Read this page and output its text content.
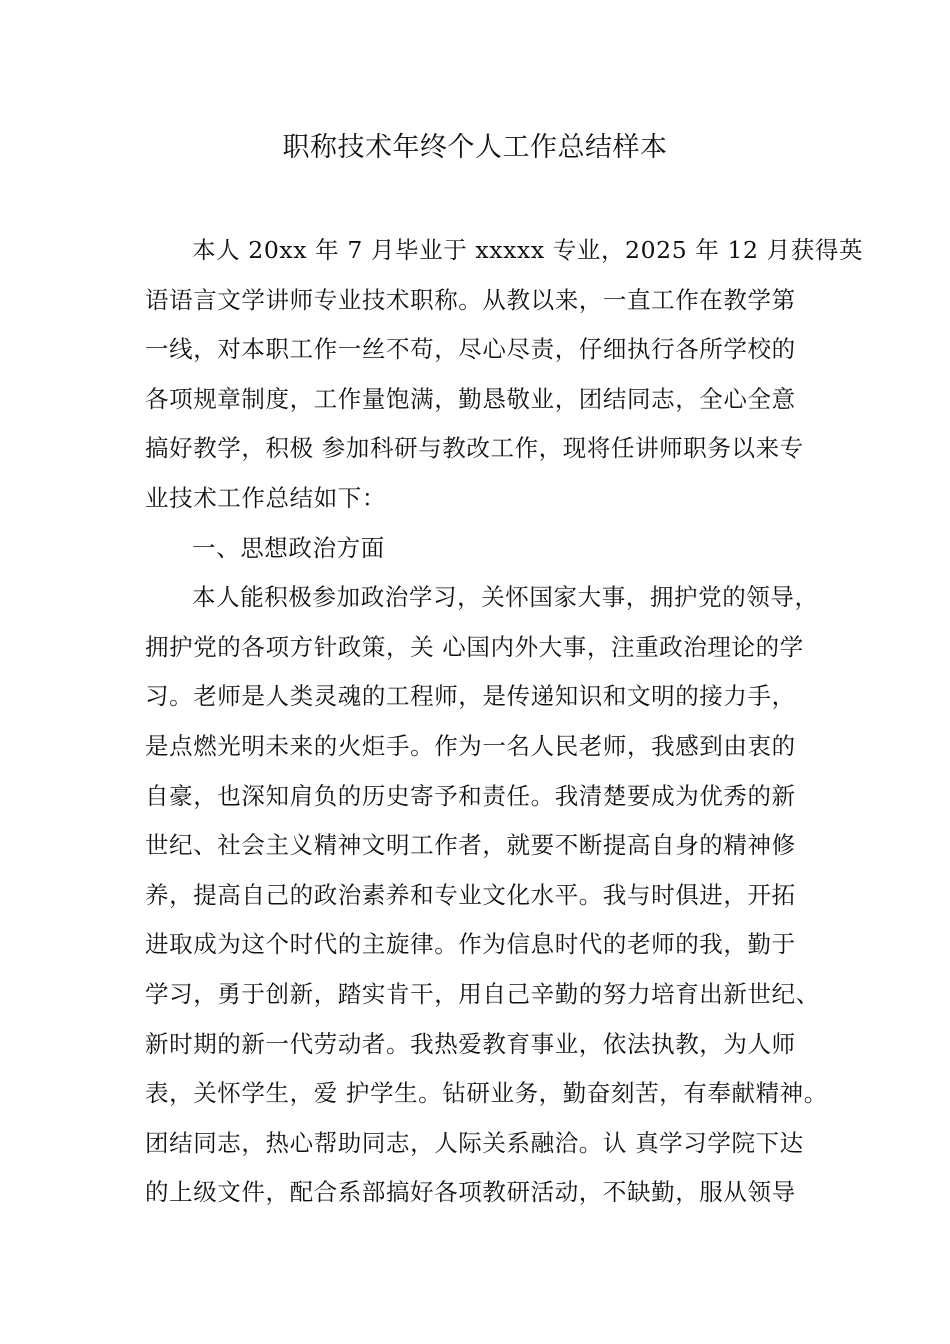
职称技术年终个人工作总结样本
本人 20xx 年 7 月毕业于 xxxxx 专业，2025 年 12 月获得英
语语言文学讲师专业技术职称。从教以来，一直工作在教学第
一线，对本职工作一丝不苟，尽心尽责，仔细执行各所学校的
各项规章制度，工作量饱满，勤恳敬业，团结同志，全心全意
搞好教学，积极 参加科研与教改工作，现将任讲师职务以来专
业技术工作总结如下：
一、思想政治方面
本人能积极参加政治学习，关怀国家大事，拥护党的领导，
拥护党的各项方针政策，关 心国内外大事，注重政治理论的学
习。老师是人类灵魂的工程师，是传递知识和文明的接力手，
是点燃光明未来的火炬手。作为一名人民老师，我感到由衷的
自豪，也深知肩负的历史寄予和责任。我清楚要成为优秀的新
世纪、社会主义精神文明工作者，就要不断提高自身的精神修
养，提高自己的政治素养和专业文化水平。我与时俱进，开拓
进取成为这个时代的主旋律。作为信息时代的老师的我，勤于
学习，勇于创新，踏实肯干，用自己辛勤的努力培育出新世纪、
新时期的新一代劳动者。我热爱教育事业，依法执教，为人师
表，关怀学生，爱 护学生。钻研业务，勤奋刻苦，有奉献精神。
团结同志，热心帮助同志，人际关系融洽。认 真学习学院下达
的上级文件，配合系部搞好各项教研活动，不缺勤，服从领导
